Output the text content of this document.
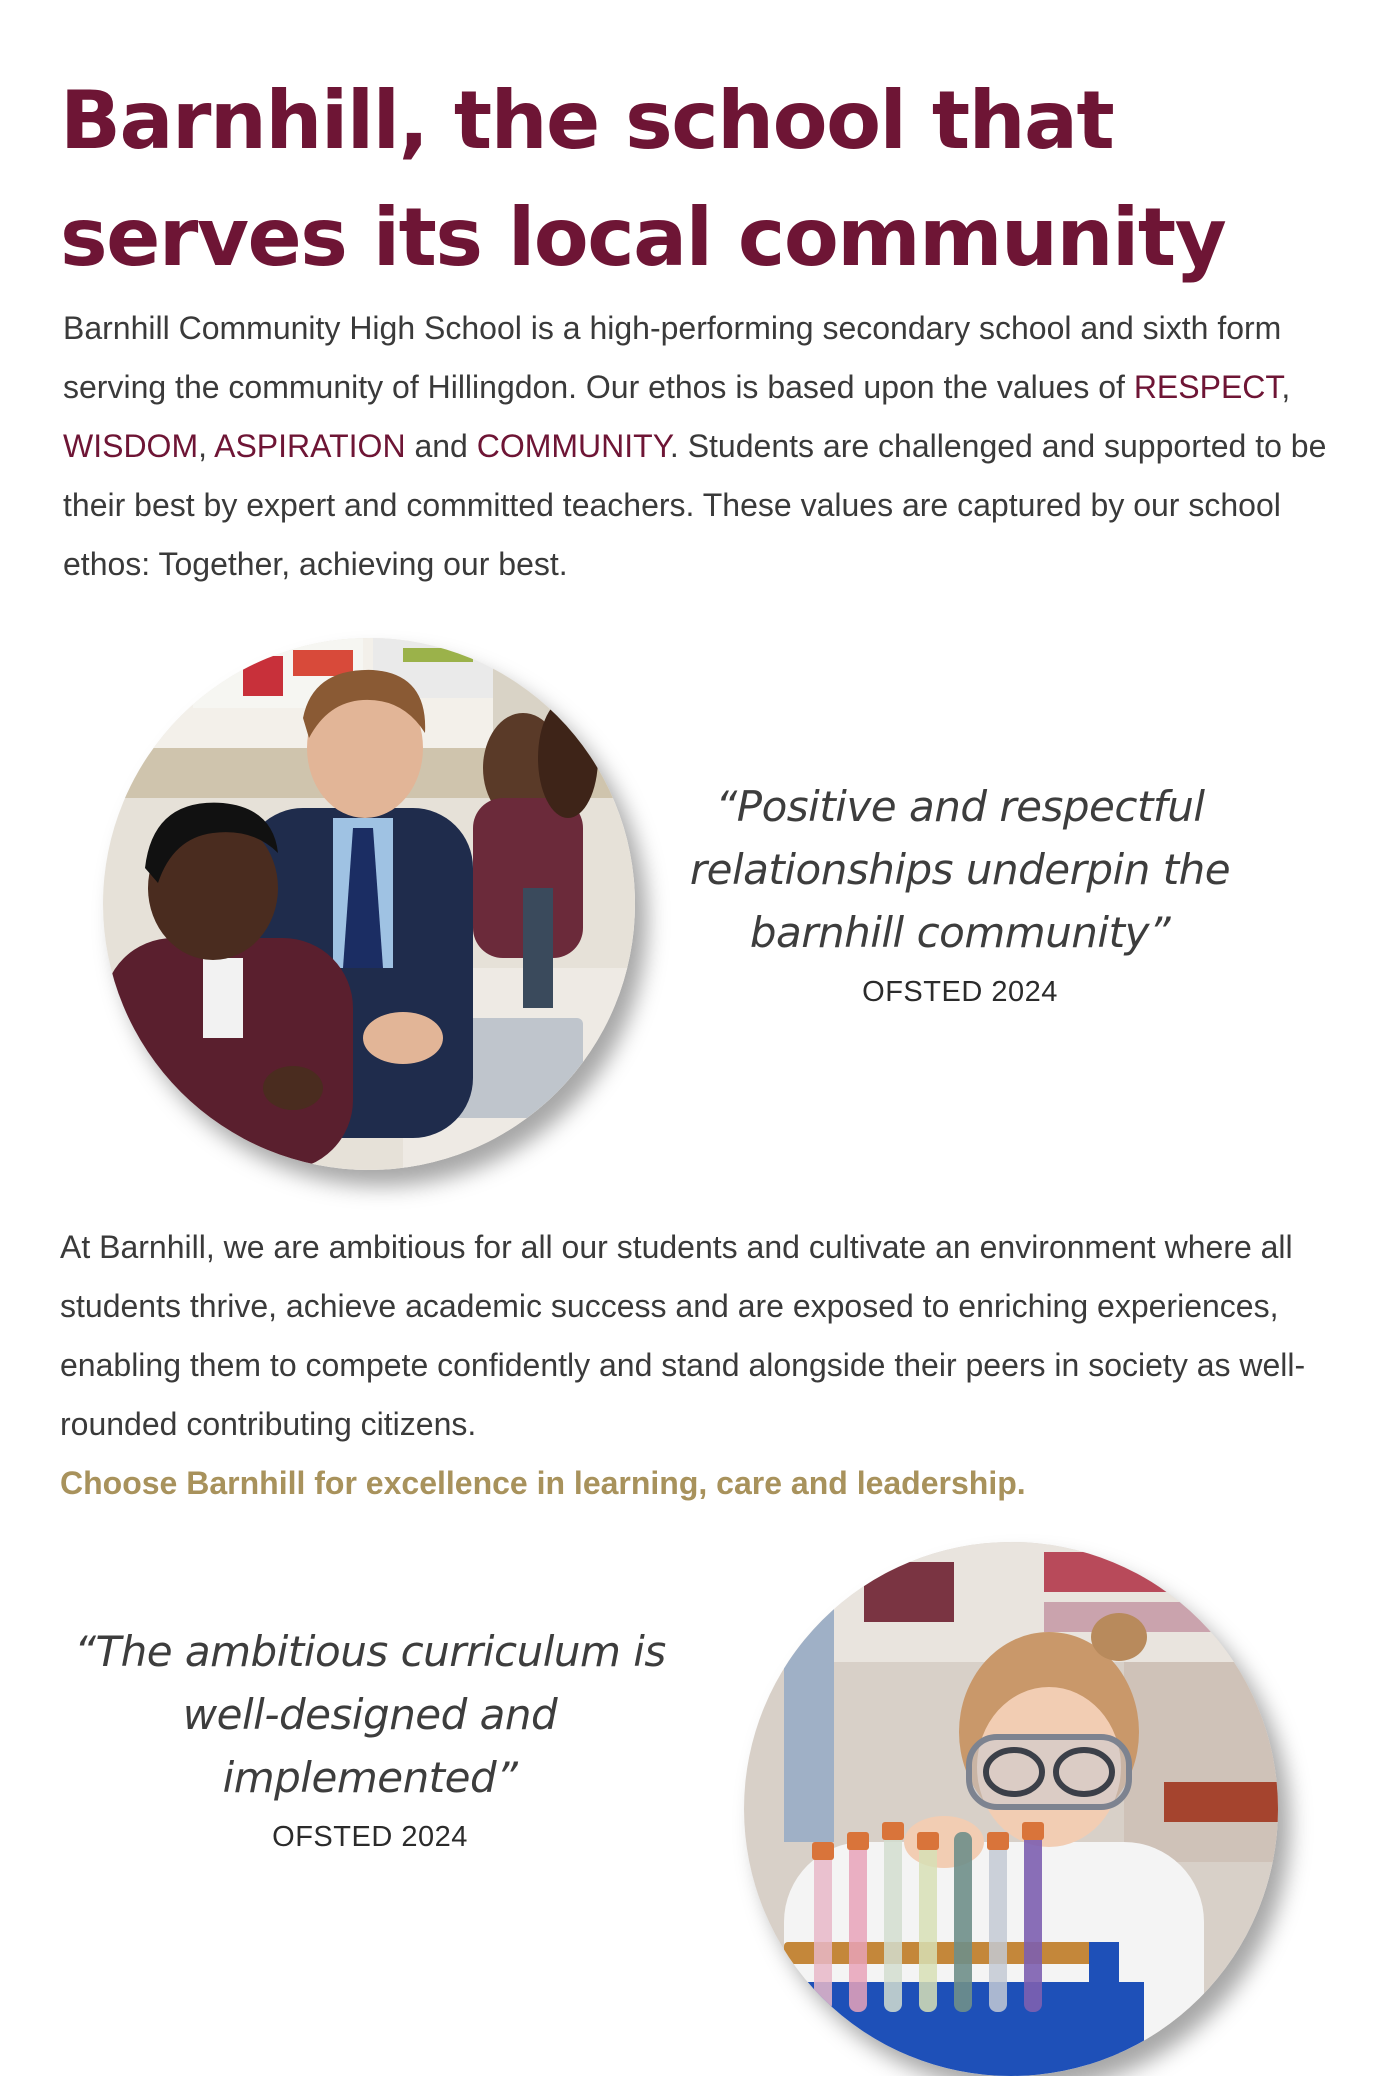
Barnhill, the school that
serves its local community

Barnhill Community High School is a high-performing secondary school and sixth form serving the community of Hillingdon. Our ethos is based upon the values of RESPECT, WISDOM, ASPIRATION and COMMUNITY. Students are challenged and supported to be their best by expert and committed teachers. These values are captured by our school ethos: Together, achieving our best.

“Positive and respectful relationships underpin the barnhill community”

OFSTED 2024

At Barnhill, we are ambitious for all our students and cultivate an environment where all students thrive, achieve academic success and are exposed to enriching experiences, enabling them to compete confidently and stand alongside their peers in society as well-rounded contributing citizens.
Choose Barnhill for excellence in learning, care and leadership.

“The ambitious curriculum is well-designed and implemented”

OFSTED 2024
